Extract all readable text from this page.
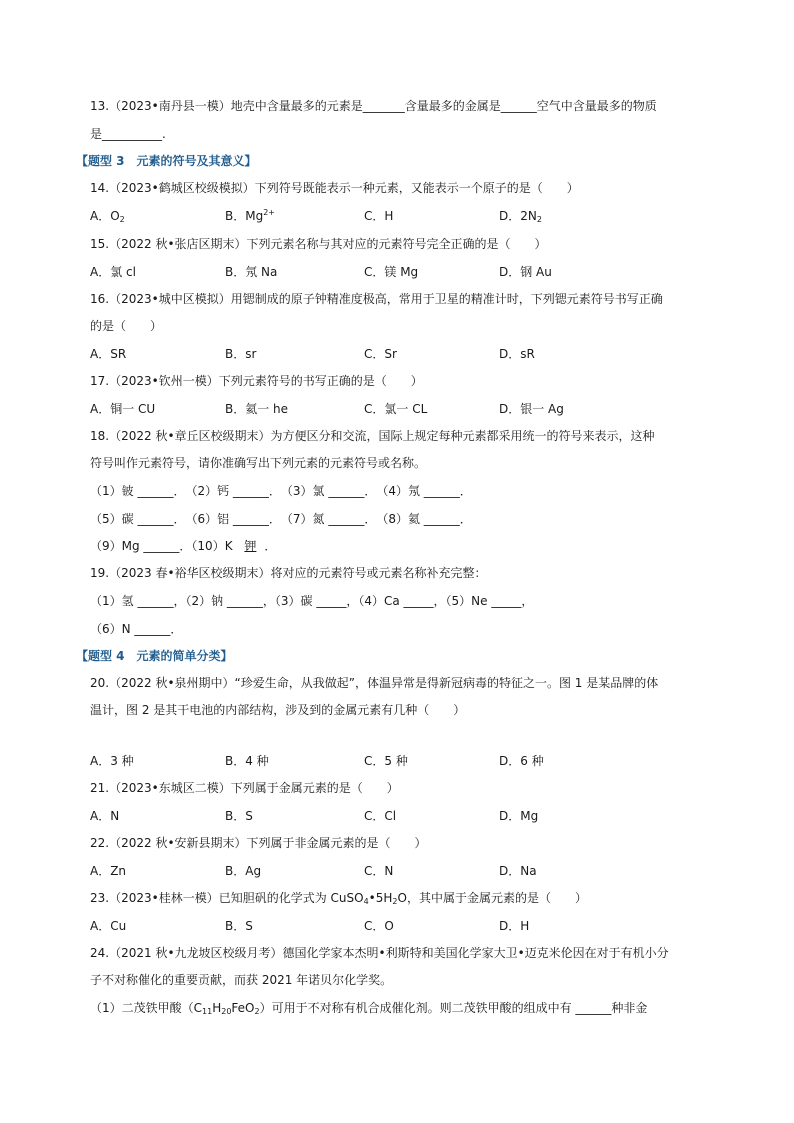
13.（2023•南丹县一模）地壳中含量最多的元素是_______含量最多的金属是______空气中含量最多的物质
是__________.
【题型 3　元素的符号及其意义】
14.（2023•鹤城区校级模拟）下列符号既能表示一种元素，又能表示一个原子的是（　　）
A．$O_2$	B．$Mg^{2+}$	C．H	D．$2N_2$
15.（2022 秋•张店区期末）下列元素名称与其对应的元素符号完全正确的是（　　）
A．氯 cl	B．氖 Na	C．镁 Mg	D．钢 Au
16.（2023•城中区模拟）用锶制成的原子钟精准度极高，常用于卫星的精准计时，下列锶元素符号书写正确
的是（　　）
A．SR	B．sr	C．Sr	D．sR
17.（2023•钦州一模）下列元素符号的书写正确的是（　　）
A．铜一 CU	B．氦一 he	C．氯一 CL	D．银一 Ag
18.（2022 秋•章丘区校级期末）为方便区分和交流，国际上规定每种元素都采用统一的符号来表示，这种
符号叫作元素符号，请你准确写出下列元素的元素符号或名称。
（1）铍 ______．　（2）钙 ______．　（3）氯 ______．　（4）氖 ______．
（5）碳 ______．　（6）铝 ______．　（7）氮 ______．　（8）氦 ______．
（9）Mg ______．（10）K 钾 ．
19.（2023 春•裕华区校级期末）将对应的元素符号或元素名称补充完整：
（1）氢 ______，（2）钠 ______，（3）碳 _____，（4）Ca _____，（5）Ne _____，
（6）N ______．
【题型 4　元素的简单分类】
20.（2022 秋•泉州期中）“珍爱生命，从我做起”，体温异常是得新冠病毒的特征之一。图 1 是某品牌的体
温计，图 2 是其干电池的内部结构，涉及到的金属元素有几种（　　）
A．3 种	B．4 种	C．5 种	D．6 种
21.（2023•东城区二模）下列属于金属元素的是（　　）
A．N	B．S	C．Cl	D．Mg
22.（2022 秋•安新县期末）下列属于非金属元素的是（　　）
A．Zn	B．Ag	C．N	D．Na
23.（2023•桂林一模）已知胆矾的化学式为 $CuSO_4•5H_2O$，其中属于金属元素的是（　　）
A．Cu	B．S	C．O	D．H
24.（2021 秋•九龙坡区校级月考）德国化学家本杰明•利斯特和美国化学家大卫•迈克米伦因在对于有机小分
子不对称催化的重要贡献，而获 2021 年诺贝尔化学奖。
（1）二茂铁甲酸$(C_{11}H_{20}FeO_2)$可用于不对称有机合成催化剂。则二茂铁甲酸的组成中有 ______种非金
